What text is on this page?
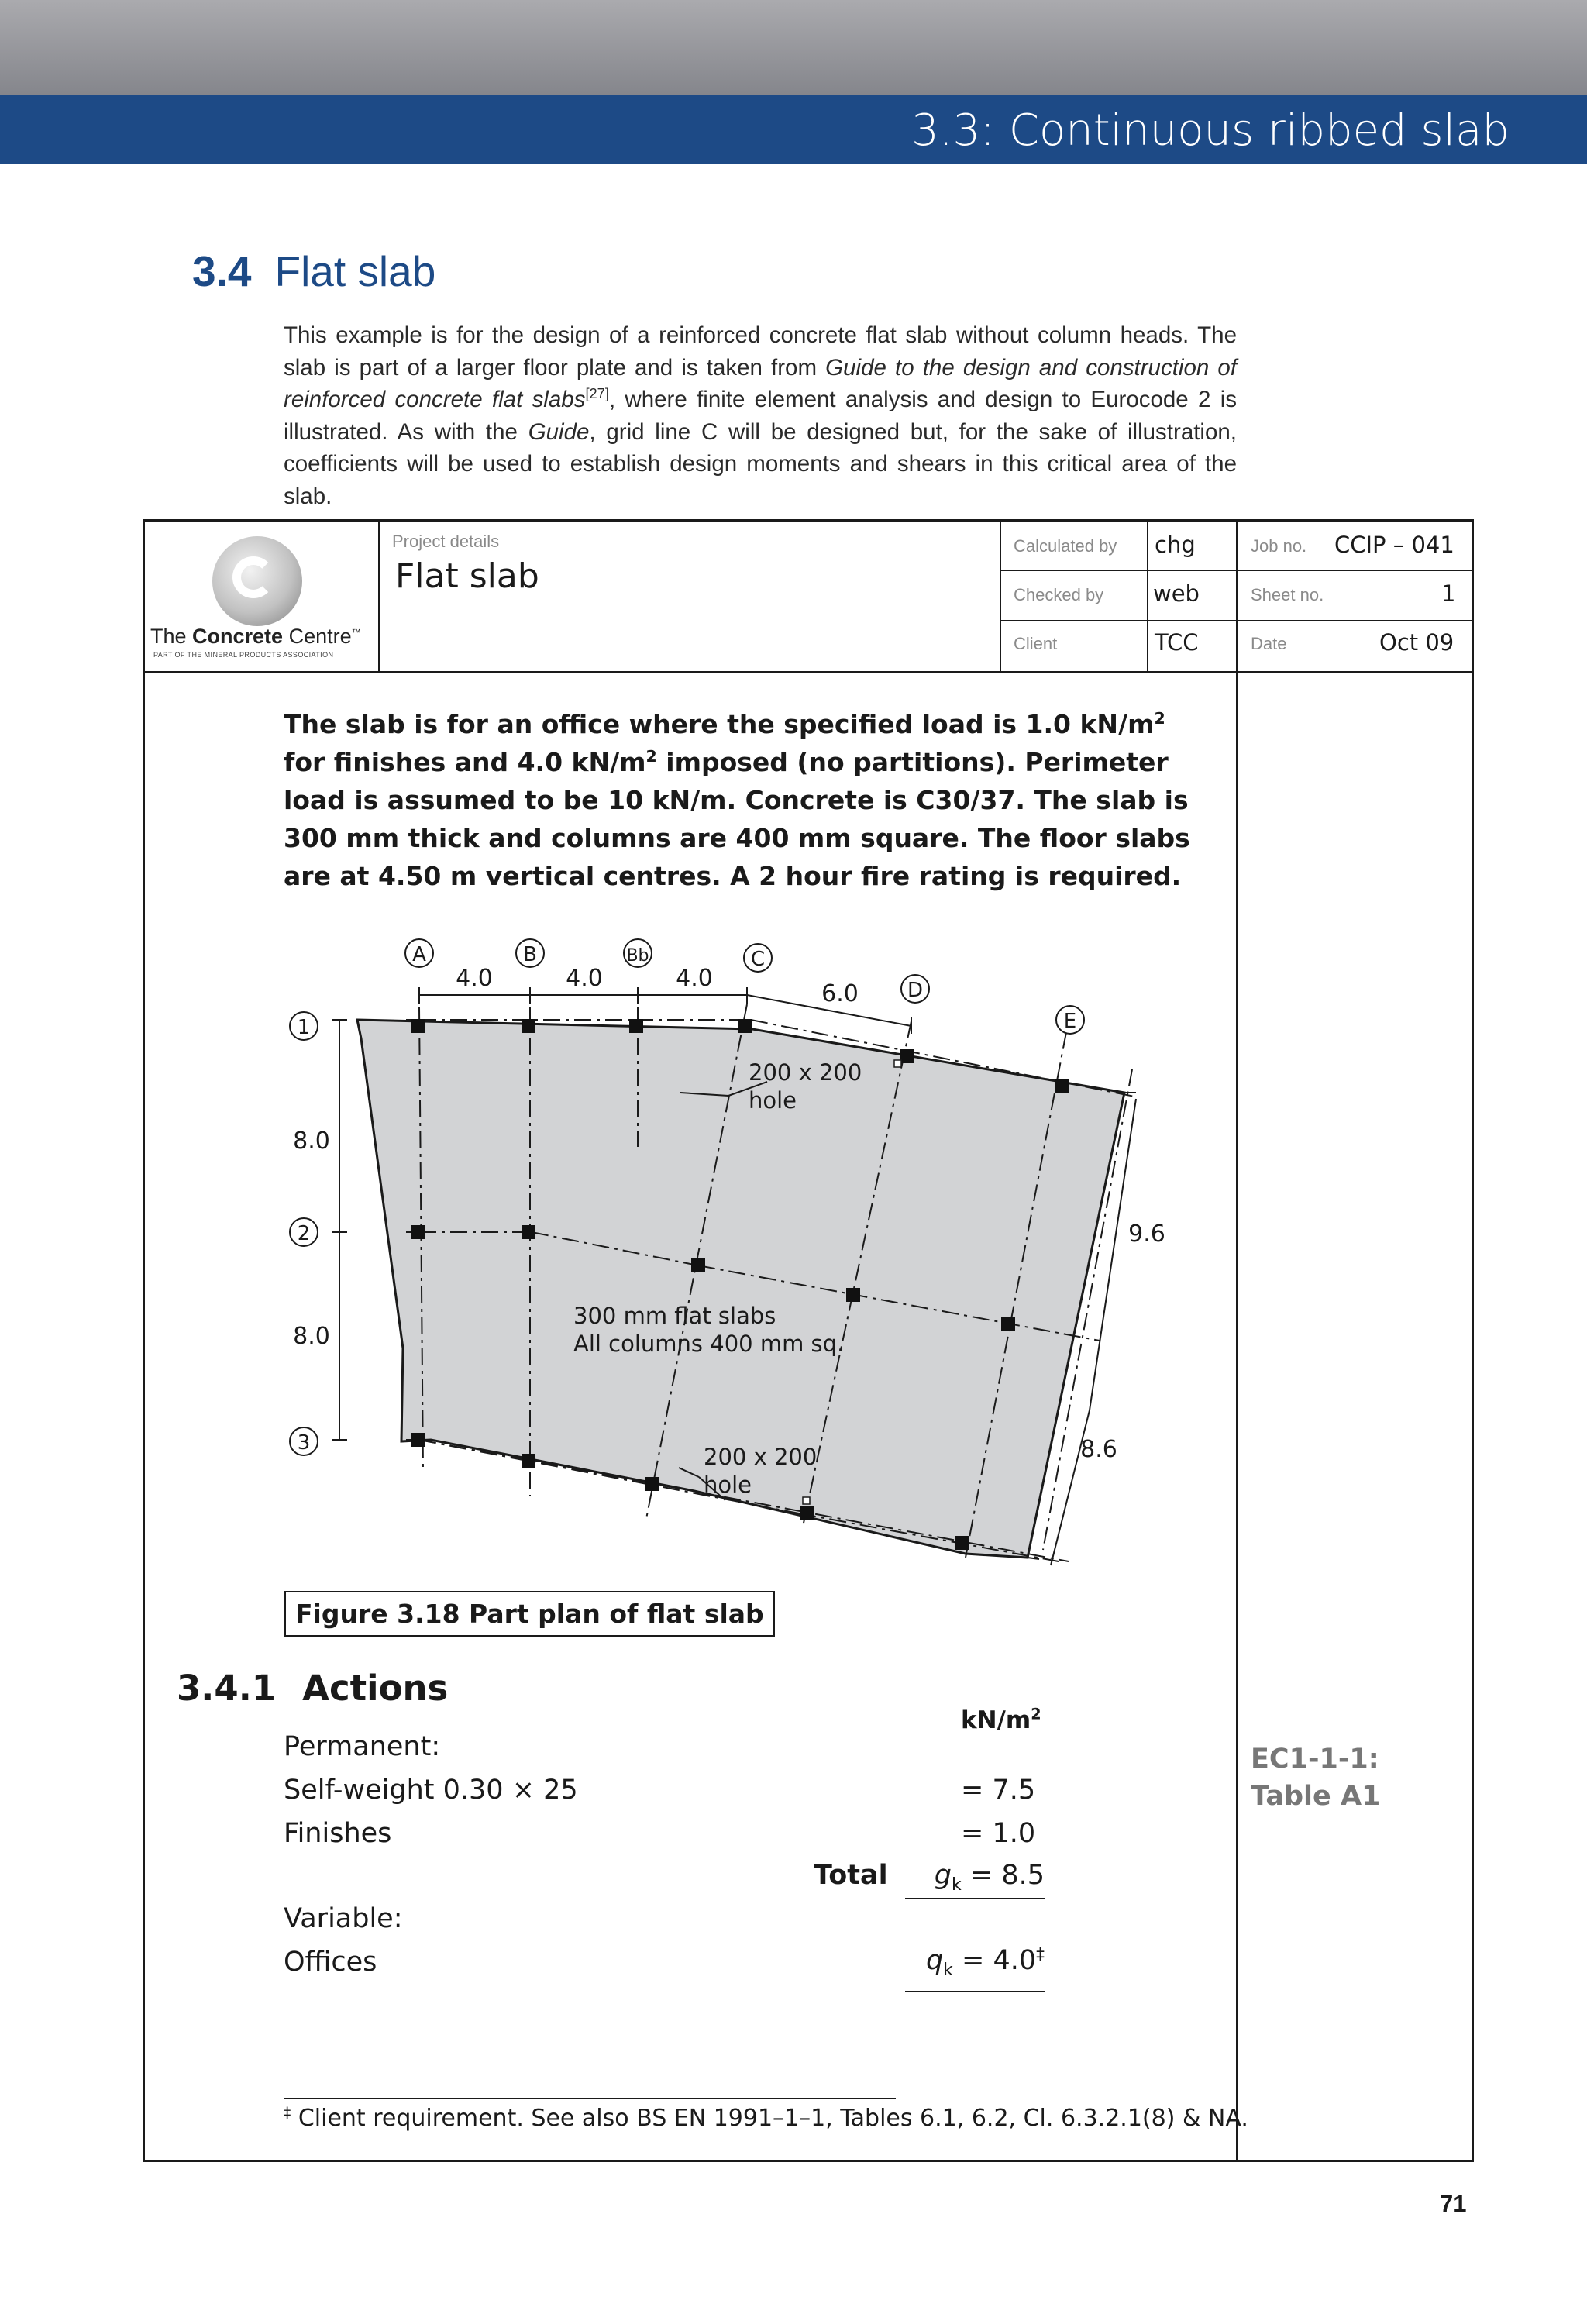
3.3: Continuous ribbed slab
3.4 Flat slab
This example is for the design of a reinforced concrete flat slab without column heads. The slab is part of a larger floor plate and is taken from Guide to the design and construction of reinforced concrete flat slabs[27], where finite element analysis and design to Eurocode 2 is illustrated. As with the Guide, grid line C will be designed but, for the sake of illustration, coefficients will be used to establish design moments and shears in this critical area of the slab.
The Concrete Centre™
PART OF THE MINERAL PRODUCTS ASSOCIATION
Project details
Flat slab
Calculated by chg
Checked by web
Client	TCC
Job no. CCIP – 041
Sheet no.	1
Date	Oct 09
The slab is for an office where the specified load is 1.0 $kN/m^2$ for finishes and 4.0 $kN/m^2$ imposed (no partitions). Perimeter load is assumed to be 10 kN/m. Concrete is C30/37. The slab is 300 mm thick and columns are 400 mm square. The floor slabs are at 4.50 m vertical centres. A 2 hour fire rating is required.
A	B	Bb	C
D
E
1
2
3
4.0	4.0	4.0
6.0
8.0
8.0
9.6
8.6
200 x 200
hole
300 mm flat slabs
All columns 400 mm sq.
200 x 200
hole
Figure 3.18 Part plan of flat slab
3.4.1 Actions
$kN/m^2$
Permanent:
Self-weight 0.30 × 25	= 7.5
Finishes	= 1.0
Total	$g_k = 8.5$
Variable:
Offices	$q_k = 4.0^\ddagger$
EC1-1-1:
Table A1
‡ Client requirement. See also BS EN 1991–1–1, Tables 6.1, 6.2, Cl. 6.3.2.1(8) & NA.
71
